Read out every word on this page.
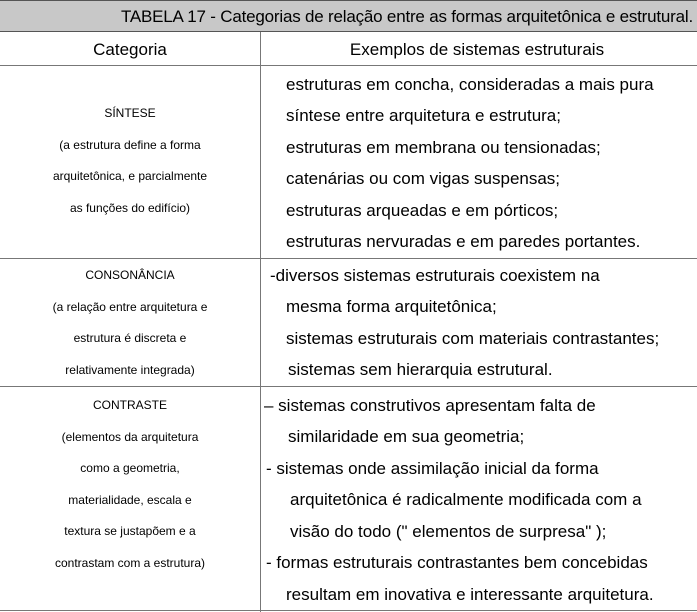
TABELA 17 - Categorias de relação entre as formas arquitetônica e estrutural.
Categoria	Exemplos de sistemas estruturais
SÍNTESE
(a estrutura define a forma
arquitetônica, e parcialmente
as funções do edifício)
estruturas em concha, consideradas a mais pura
síntese entre arquitetura e estrutura;
estruturas em membrana ou tensionadas;
catenárias ou com vigas suspensas;
estruturas arqueadas e em pórticos;
estruturas nervuradas e em paredes portantes.
CONSONÂNCIA
(a relação entre arquitetura e
estrutura é discreta e
relativamente integrada)
-diversos sistemas estruturais coexistem na
mesma forma arquitetônica;
sistemas estruturais com materiais contrastantes;
sistemas sem hierarquia estrutural.
CONTRASTE
(elementos da arquitetura
como a geometria,
materialidade, escala e
textura se justapõem e a
contrastam com a estrutura)
– sistemas construtivos apresentam falta de
similaridade em sua geometria;
- sistemas onde assimilação inicial da forma
arquitetônica é radicalmente modificada com a
visão do todo (" elementos de surpresa" );
- formas estruturais contrastantes bem concebidas
resultam em inovativa e interessante arquitetura.
